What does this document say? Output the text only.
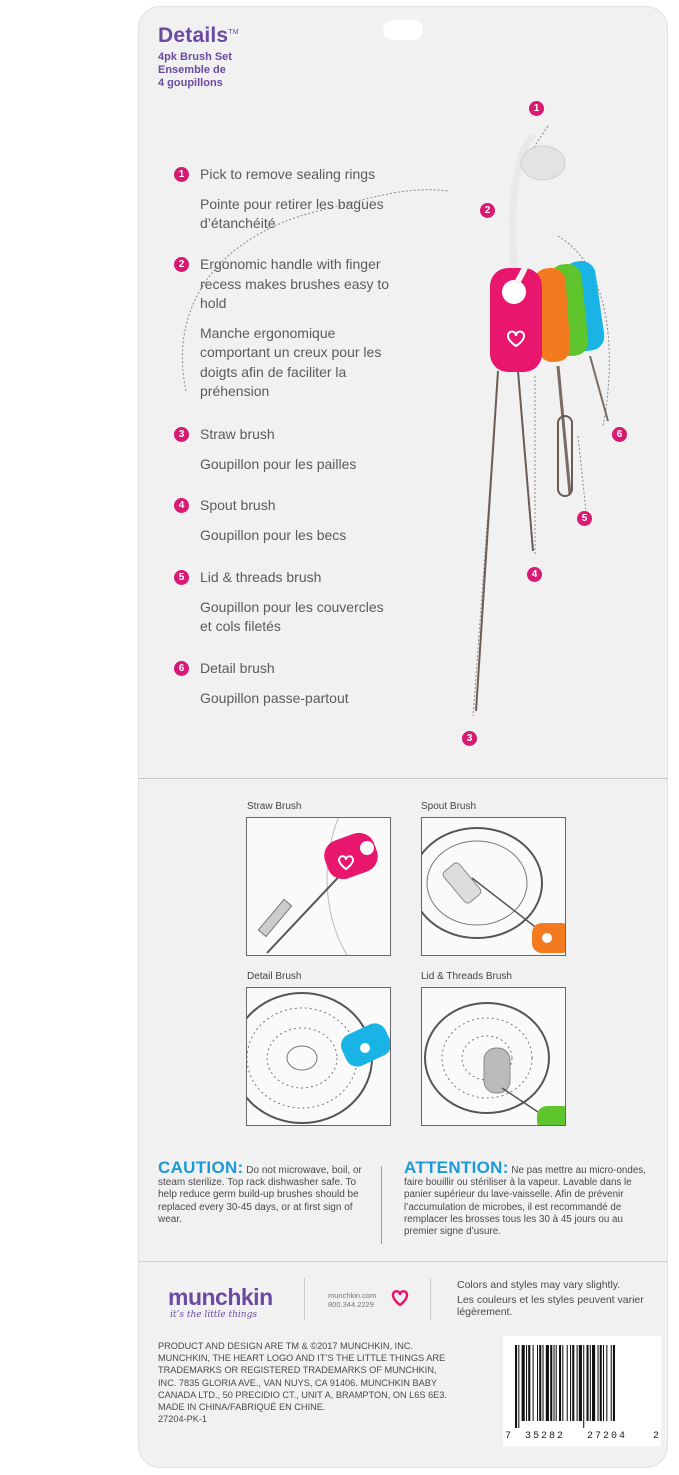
Details™
4pk Brush Set
Ensemble de
4 goupillons
1
2
6
5
4
3
1	Pick to remove sealing rings

Pointe pour retirer les bagues d’étanchéité

2	Ergonomic handle with finger recess makes brushes easy to hold

Manche ergonomique comportant un creux pour les doigts afin de faciliter la préhension

3	Straw brush

Goupillon pour les pailles

4	Spout brush

Goupillon pour les becs

5	Lid & threads brush

Goupillon pour les couvercles et cols filetés

6	Detail brush

Goupillon passe-partout

Straw Brush	Spout Brush
Detail Brush	Lid & Threads Brush
CAUTION: Do not microwave, boil, or steam sterilize. Top rack dishwasher safe. To help reduce germ build-up brushes should be replaced every 30-45 days, or at first sign of wear.
ATTENTION: Ne pas mettre au micro-ondes, faire bouillir ou stériliser à la vapeur. Lavable dans le panier supérieur du lave-vaisselle. Afin de prévenir l’accumulation de microbes, il est recommandé de remplacer les brosses tous les 30 à 45 jours ou au premier signe d’usure.
munchkin
it’s the little things
munchkin.com
800.344.2229
Colors and styles may vary slightly.
Les couleurs et les styles peuvent varier légèrement.
PRODUCT AND DESIGN ARE TM & ©2017 MUNCHKIN, INC. MUNCHKIN, THE HEART LOGO AND IT’S THE LITTLE THINGS ARE TRADEMARKS OR REGISTERED TRADEMARKS OF MUNCHKIN, INC. 7835 GLORIA AVE., VAN NUYS, CA 91406. MUNCHKIN BABY CANADA LTD., 50 PRECIDIO CT., UNIT A, BRAMPTON, ON L6S 6E3. MADE IN CHINA/FABRIQUÉ EN CHINE.
27204-PK-1
7 35282 27204	2
